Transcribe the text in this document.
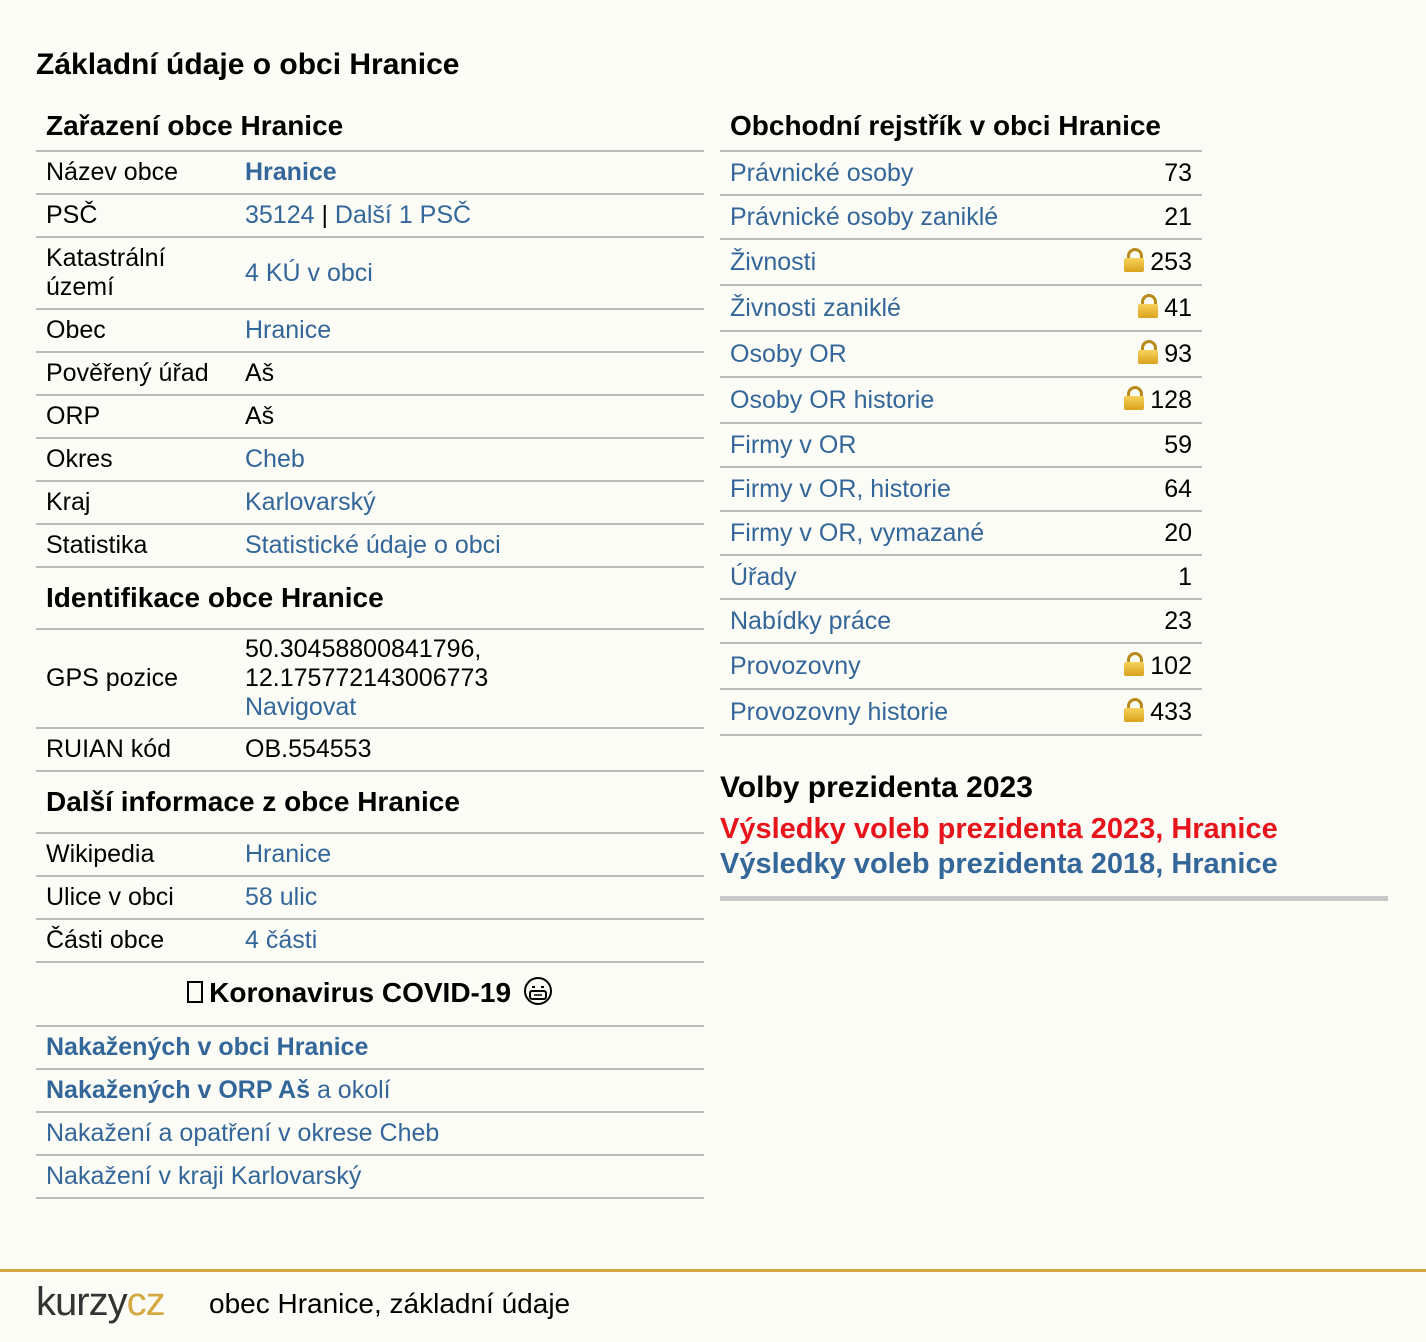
Základní údaje o obci Hranice
Zařazení obce Hranice
Název obce	Hranice
PSČ	35124 | Další 1 PSČ
Katastrální území	4 KÚ v obci
Obec	Hranice
Pověřený úřad	Aš
ORP	Aš
Okres	Cheb
Kraj	Karlovarský
Statistika	Statistické údaje o obci
Identifikace obce Hranice
GPS pozice	50.30458800841796,
12.175772143006773
Navigovat
RUIAN kód	OB.554553
Další informace z obce Hranice
Wikipedia	Hranice
Ulice v obci	58 ulic
Části obce	4 části
Koronavirus COVID-19
Nakažených v obci Hranice
Nakažených v ORP Aš a okolí
Nakažení a opatření v okrese Cheb
Nakažení v kraji Karlovarský
Obchodní rejstřík v obci Hranice
Právnické osoby	73
Právnické osoby zaniklé	21
Živnosti	253
Živnosti zaniklé	41
Osoby OR	93
Osoby OR historie	128
Firmy v OR	59
Firmy v OR, historie	64
Firmy v OR, vymazané	20
Úřady	1
Nabídky práce	23
Provozovny	102
Provozovny historie	433
Volby prezidenta 2023
Výsledky voleb prezidenta 2023, Hranice
Výsledky voleb prezidenta 2018, Hranice
kurzycz obec Hranice, základní údaje
